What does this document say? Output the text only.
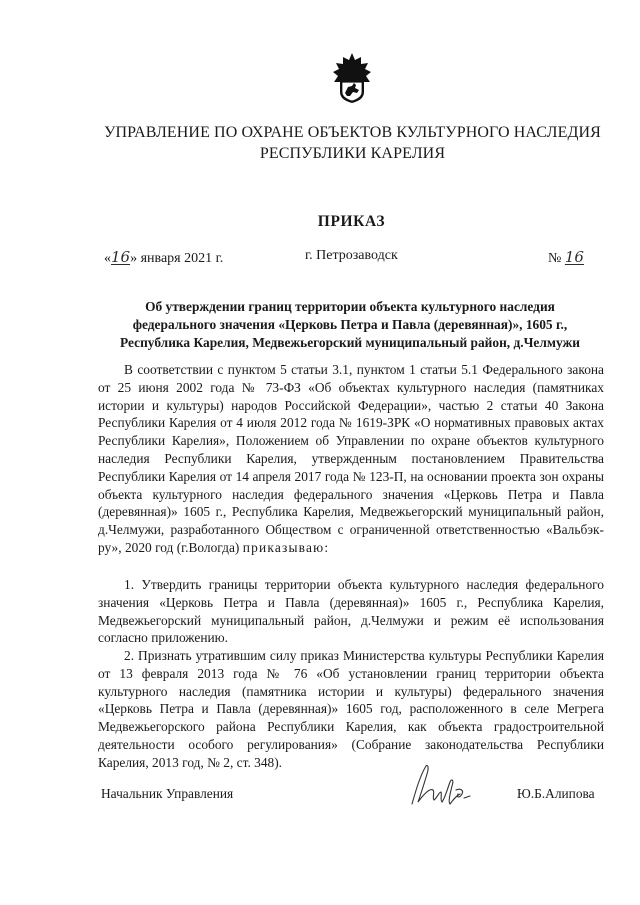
УПРАВЛЕНИЕ ПО ОХРАНЕ ОБЪЕКТОВ КУЛЬТУРНОГО НАСЛЕДИЯ
РЕСПУБЛИКИ КАРЕЛИЯ
ПРИКАЗ
«16» января 2021 г.	г. Петрозаводск	№ 16
Об утверждении границ территории объекта культурного наследия
федерального значения «Церковь Петра и Павла (деревянная)», 1605 г.,
Республика Карелия, Медвежьегорский муниципальный район, д.Челмужи

В соответствии с пунктом 5 статьи 3.1, пунктом 1 статьи 5.1 Федерального закона от 25 июня 2002 года № 73-ФЗ «Об объектах культурного наследия (памятниках истории и культуры) народов Российской Федерации», частью 2 статьи 40 Закона Республики Карелия от 4 июля 2012 года № 1619-ЗРК «О нормативных правовых актах Республики Карелия», Положением об Управлении по охране объектов культурного наследия Республики Карелия, утвержденным постановлением Правительства Республики Карелия от 14 апреля 2017 года № 123-П, на основании проекта зон охраны объекта культурного наследия федерального значения «Церковь Петра и Павла (деревянная)» 1605 г., Республика Карелия, Медвежьегорский муниципальный район, д.Челмужи, разработанного Обществом с ограниченной ответственностью «Вальбэк-ру», 2020 год (г.Вологда) приказываю:

1. Утвердить границы территории объекта культурного наследия федерального значения «Церковь Петра и Павла (деревянная)» 1605 г., Республика Карелия, Медвежьегорский муниципальный район, д.Челмужи и режим её использования согласно приложению.

2. Признать утратившим силу приказ Министерства культуры Республики Карелия от 13 февраля 2013 года № 76 «Об установлении границ территории объекта культурного наследия (памятника истории и культуры) федерального значения «Церковь Петра и Павла (деревянная)» 1605 год, расположенного в селе Мегрега Медвежьегорского района Республики Карелия, как объекта градостроительной деятельности особого регулирования» (Собрание законодательства Республики Карелия, 2013 год, № 2, ст. 348).

Начальник Управления	Ю.Б.Алипова
